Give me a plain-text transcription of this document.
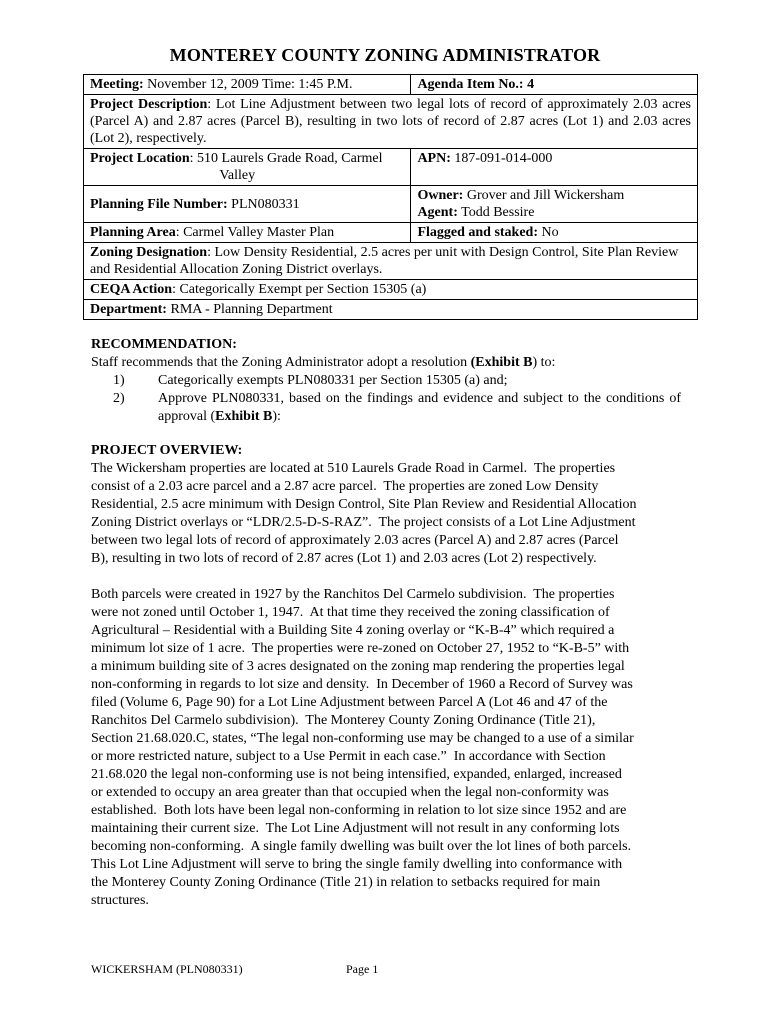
MONTEREY COUNTY ZONING ADMINISTRATOR
Meeting: November 12, 2009 Time: 1:45 P.M.	Agenda Item No.: 4
Project Description: Lot Line Adjustment between two legal lots of record of approximately 2.03 acres (Parcel A) and 2.87 acres (Parcel B), resulting in two lots of record of 2.87 acres (Lot 1) and 2.03 acres (Lot 2), respectively.	
Project Location: 510 Laurels Grade Road, Carmel
Valley	APN: 187-091-014-000
Planning File Number: PLN080331	Owner: Grover and Jill Wickersham
Agent: Todd Bessire

Planning Area: Carmel Valley Master Plan	Flagged and staked: No
Zoning Designation: Low Density Residential, 2.5 acres per unit with Design Control, Site Plan Review and Residential Allocation Zoning District overlays.	
CEQA Action: Categorically Exempt per Section 15305 (a)	
Department: RMA - Planning Department	
RECOMMENDATION:
Staff recommends that the Zoning Administrator adopt a resolution (Exhibit B) to:
1)	Categorically exempts PLN080331 per Section 15305 (a) and;
2)	Approve PLN080331, based on the findings and evidence and subject to the conditions of approval (Exhibit B):
PROJECT OVERVIEW:
The Wickersham properties are located at 510 Laurels Grade Road in Carmel.  The properties
consist of a 2.03 acre parcel and a 2.87 acre parcel.  The properties are zoned Low Density
Residential, 2.5 acre minimum with Design Control, Site Plan Review and Residential Allocation
Zoning District overlays or “LDR/2.5-D-S-RAZ”.  The project consists of a Lot Line Adjustment
between two legal lots of record of approximately 2.03 acres (Parcel A) and 2.87 acres (Parcel
B), resulting in two lots of record of 2.87 acres (Lot 1) and 2.03 acres (Lot 2) respectively.
Both parcels were created in 1927 by the Ranchitos Del Carmelo subdivision.  The properties
were not zoned until October 1, 1947.  At that time they received the zoning classification of
Agricultural – Residential with a Building Site 4 zoning overlay or “K-B-4” which required a
minimum lot size of 1 acre.  The properties were re-zoned on October 27, 1952 to “K-B-5” with
a minimum building site of 3 acres designated on the zoning map rendering the properties legal
non-conforming in regards to lot size and density.  In December of 1960 a Record of Survey was
filed (Volume 6, Page 90) for a Lot Line Adjustment between Parcel A (Lot 46 and 47 of the
Ranchitos Del Carmelo subdivision).  The Monterey County Zoning Ordinance (Title 21),
Section 21.68.020.C, states, “The legal non-conforming use may be changed to a use of a similar
or more restricted nature, subject to a Use Permit in each case.”  In accordance with Section
21.68.020 the legal non-conforming use is not being intensified, expanded, enlarged, increased
or extended to occupy an area greater than that occupied when the legal non-conformity was
established.  Both lots have been legal non-conforming in relation to lot size since 1952 and are
maintaining their current size.  The Lot Line Adjustment will not result in any conforming lots
becoming non-conforming.  A single family dwelling was built over the lot lines of both parcels.
This Lot Line Adjustment will serve to bring the single family dwelling into conformance with
the Monterey County Zoning Ordinance (Title 21) in relation to setbacks required for main
structures.
WICKERSHAM (PLN080331)	Page 1
